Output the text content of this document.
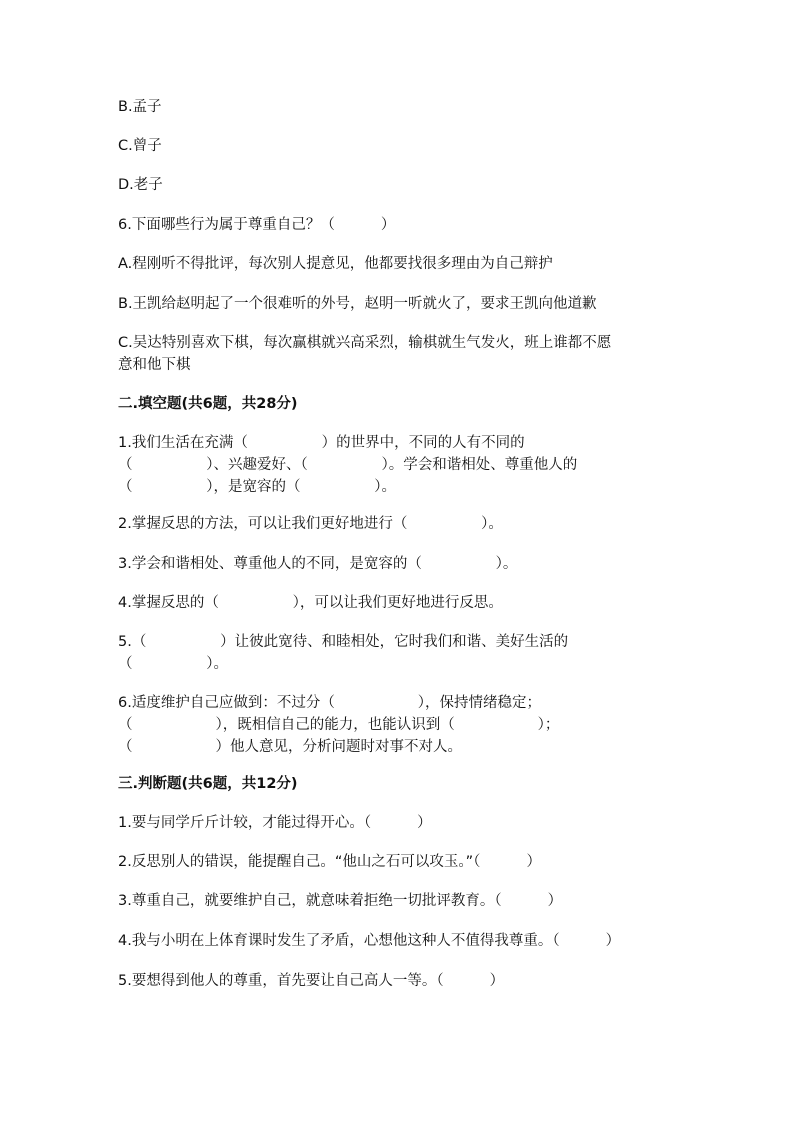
B.孟子
C.曾子
D.老子
6.下面哪些行为属于尊重自己？（          ）
A.程刚听不得批评，每次别人提意见，他都要找很多理由为自己辩护
B.王凯给赵明起了一个很难听的外号，赵明一听就火了，要求王凯向他道歉
C.吴达特别喜欢下棋，每次赢棋就兴高采烈，输棋就生气发火，班上谁都不愿
意和他下棋
二.填空题(共6题，共28分)
1.我们生活在充满（                ）的世界中，不同的人有不同的
（                ）、兴趣爱好、（                ）。学会和谐相处、尊重他人的
（                ），是宽容的（                ）。
2.掌握反思的方法，可以让我们更好地进行（                ）。
3.学会和谐相处、尊重他人的不同，是宽容的（                ）。
4.掌握反思的（                ），可以让我们更好地进行反思。
5.（                ）让彼此宽待、和睦相处，它时我们和谐、美好生活的
（                ）。
6.适度维护自己应做到：不过分（                  ），保持情绪稳定；
（                  ），既相信自己的能力，也能认识到（                  ）；
（                  ）他人意见，分析问题时对事不对人。
三.判断题(共6题，共12分)
1.要与同学斤斤计较，才能过得开心。（          ）
2.反思别人的错误，能提醒自己。“他山之石可以攻玉。”（          ）
3.尊重自己，就要维护自己，就意味着拒绝一切批评教育。（          ）
4.我与小明在上体育课时发生了矛盾，心想他这种人不值得我尊重。（          ）
5.要想得到他人的尊重，首先要让自己高人一等。（          ）
